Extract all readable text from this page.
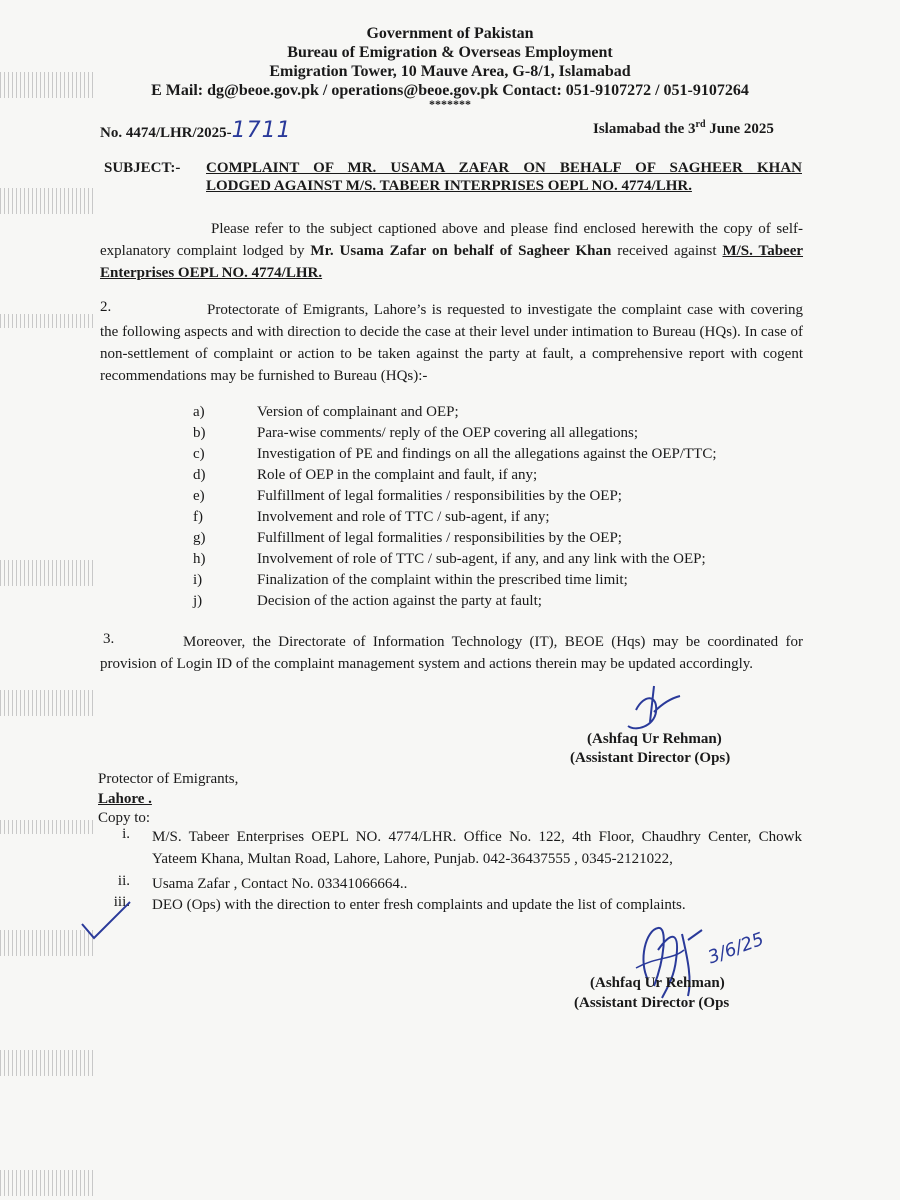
Government of Pakistan
Bureau of Emigration & Overseas Employment
Emigration Tower, 10 Mauve Area, G-8/1, Islamabad
E Mail: dg@beoe.gov.pk / operations@beoe.gov.pk Contact: 051-9107272 / 051-9107264
*******
No. 4474/LHR/2025-1711	Islamabad the 3rd June 2025
SUBJECT:- COMPLAINT OF MR. USAMA ZAFAR ON BEHALF OF SAGHEER KHAN
LODGED AGAINST M/S. TABEER INTERPRISES OEPL NO. 4774/LHR.

Please refer to the subject captioned above and please find enclosed herewith the copy of self-explanatory complaint lodged by Mr. Usama Zafar on behalf of Sagheer Khan received against M/S. Tabeer Enterprises OEPL NO. 4774/LHR.

2.	Protectorate of Emigrants, Lahore’s is requested to investigate the complaint case with covering the following aspects and with direction to decide the case at their level under intimation to Bureau (HQs). In case of non-settlement of complaint or action to be taken against the party at fault, a comprehensive report with cogent recommendations may be furnished to Bureau (HQs):-

a)	Version of complainant and OEP;
b)	Para-wise comments/ reply of the OEP covering all allegations;
c)	Investigation of PE and findings on all the allegations against the OEP/TTC;
d)	Role of OEP in the complaint and fault, if any;
e)	Fulfillment of legal formalities / responsibilities by the OEP;
f)	Involvement and role of TTC / sub-agent, if any;
g)	Fulfillment of legal formalities / responsibilities by the OEP;
h)	Involvement of role of TTC / sub-agent, if any, and any link with the OEP;
i)	Finalization of the complaint within the prescribed time limit;
j)	Decision of the action against the party at fault;
3.	Moreover, the Directorate of Information Technology (IT), BEOE (Hqs) may be coordinated for provision of Login ID of the complaint management system and actions therein may be updated accordingly.

(Ashfaq Ur Rehman)
(Assistant Director (Ops)
Protector of Emigrants,
Lahore .
Copy to:
i. M/S. Tabeer Enterprises OEPL NO. 4774/LHR. Office No. 122, 4th Floor, Chaudhry Center, Chowk Yateem Khana, Multan Road, Lahore, Lahore, Punjab. 042-36437555 , 0345-2121022,
ii. Usama Zafar , Contact No. 03341066664..
iii. DEO (Ops) with the direction to enter fresh complaints and update the list of complaints.
3/6/25
(Ashfaq Ur Rehman)
(Assistant Director (Ops
